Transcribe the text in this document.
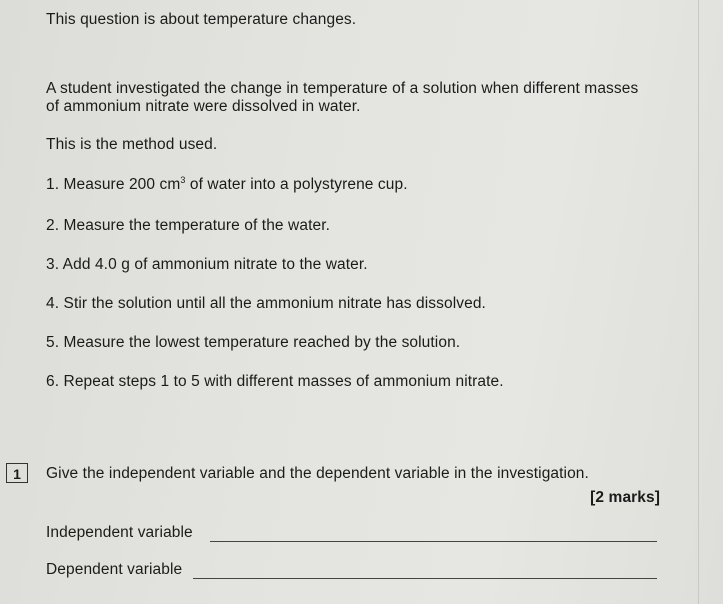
This question is about temperature changes.
A student investigated the change in temperature of a solution when different masses
of ammonium nitrate were dissolved in water.
This is the method used.
1. Measure 200 $cm^3$ of water into a polystyrene cup.
2. Measure the temperature of the water.
3. Add 4.0 g of ammonium nitrate to the water.
4. Stir the solution until all the ammonium nitrate has dissolved.
5. Measure the lowest temperature reached by the solution.
6. Repeat steps 1 to 5 with different masses of ammonium nitrate.
1	Give the independent variable and the dependent variable in the investigation.
[2 marks]
Independent variable
Dependent variable
